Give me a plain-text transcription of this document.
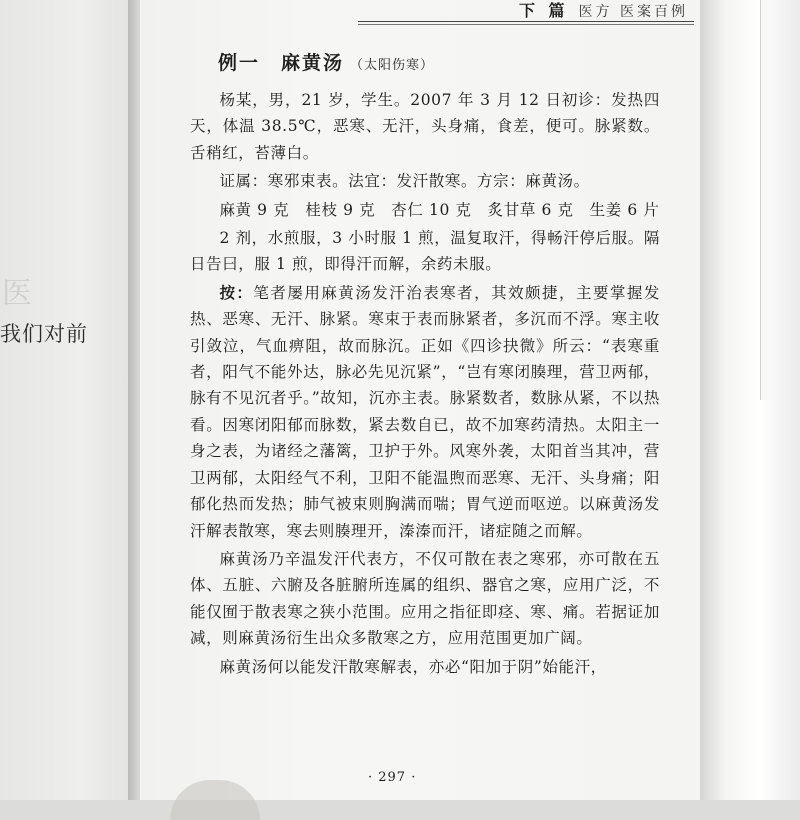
医
我们对前
下 篇 医方 医案百例
例一　麻黄汤 （太阳伤寒）

杨某，男，21 岁，学生。2007 年 3 月 12 日初诊：发热四天，体温 38.5℃，恶寒、无汗，头身痛，食差，便可。脉紧数。舌稍红，苔薄白。

证属：寒邪束表。法宜：发汗散寒。方宗：麻黄汤。

麻黄 9 克　桂枝 9 克　杏仁 10 克　炙甘草 6 克　生姜 6 片

2 剂，水煎服，3 小时服 1 煎，温复取汗，得畅汗停后服。隔日告曰，服 1 煎，即得汗而解，余药未服。

按：笔者屡用麻黄汤发汗治表寒者，其效颇捷，主要掌握发热、恶寒、无汗、脉紧。寒束于表而脉紧者，多沉而不浮。寒主收引敛泣，气血痹阻，故而脉沉。正如《四诊抉微》所云：“表寒重者，阳气不能外达，脉必先见沉紧”，“岂有寒闭腠理，营卫两郁，脉有不见沉者乎。”故知，沉亦主表。脉紧数者，数脉从紧，不以热看。因寒闭阳郁而脉数，紧去数自已，故不加寒药清热。太阳主一身之表，为诸经之藩篱，卫护于外。风寒外袭，太阳首当其冲，营卫两郁，太阳经气不利，卫阳不能温煦而恶寒、无汗、头身痛；阳郁化热而发热；肺气被束则胸满而喘；胃气逆而呕逆。以麻黄汤发汗解表散寒，寒去则腠理开，溱溱而汗，诸症随之而解。

麻黄汤乃辛温发汗代表方，不仅可散在表之寒邪，亦可散在五体、五脏、六腑及各脏腑所连属的组织、器官之寒，应用广泛，不能仅囿于散表寒之狭小范围。应用之指征即痉、寒、痛。若据证加减，则麻黄汤衍生出众多散寒之方，应用范围更加广阔。

麻黄汤何以能发汗散寒解表，亦必“阳加于阴”始能汗，

· 297 ·
